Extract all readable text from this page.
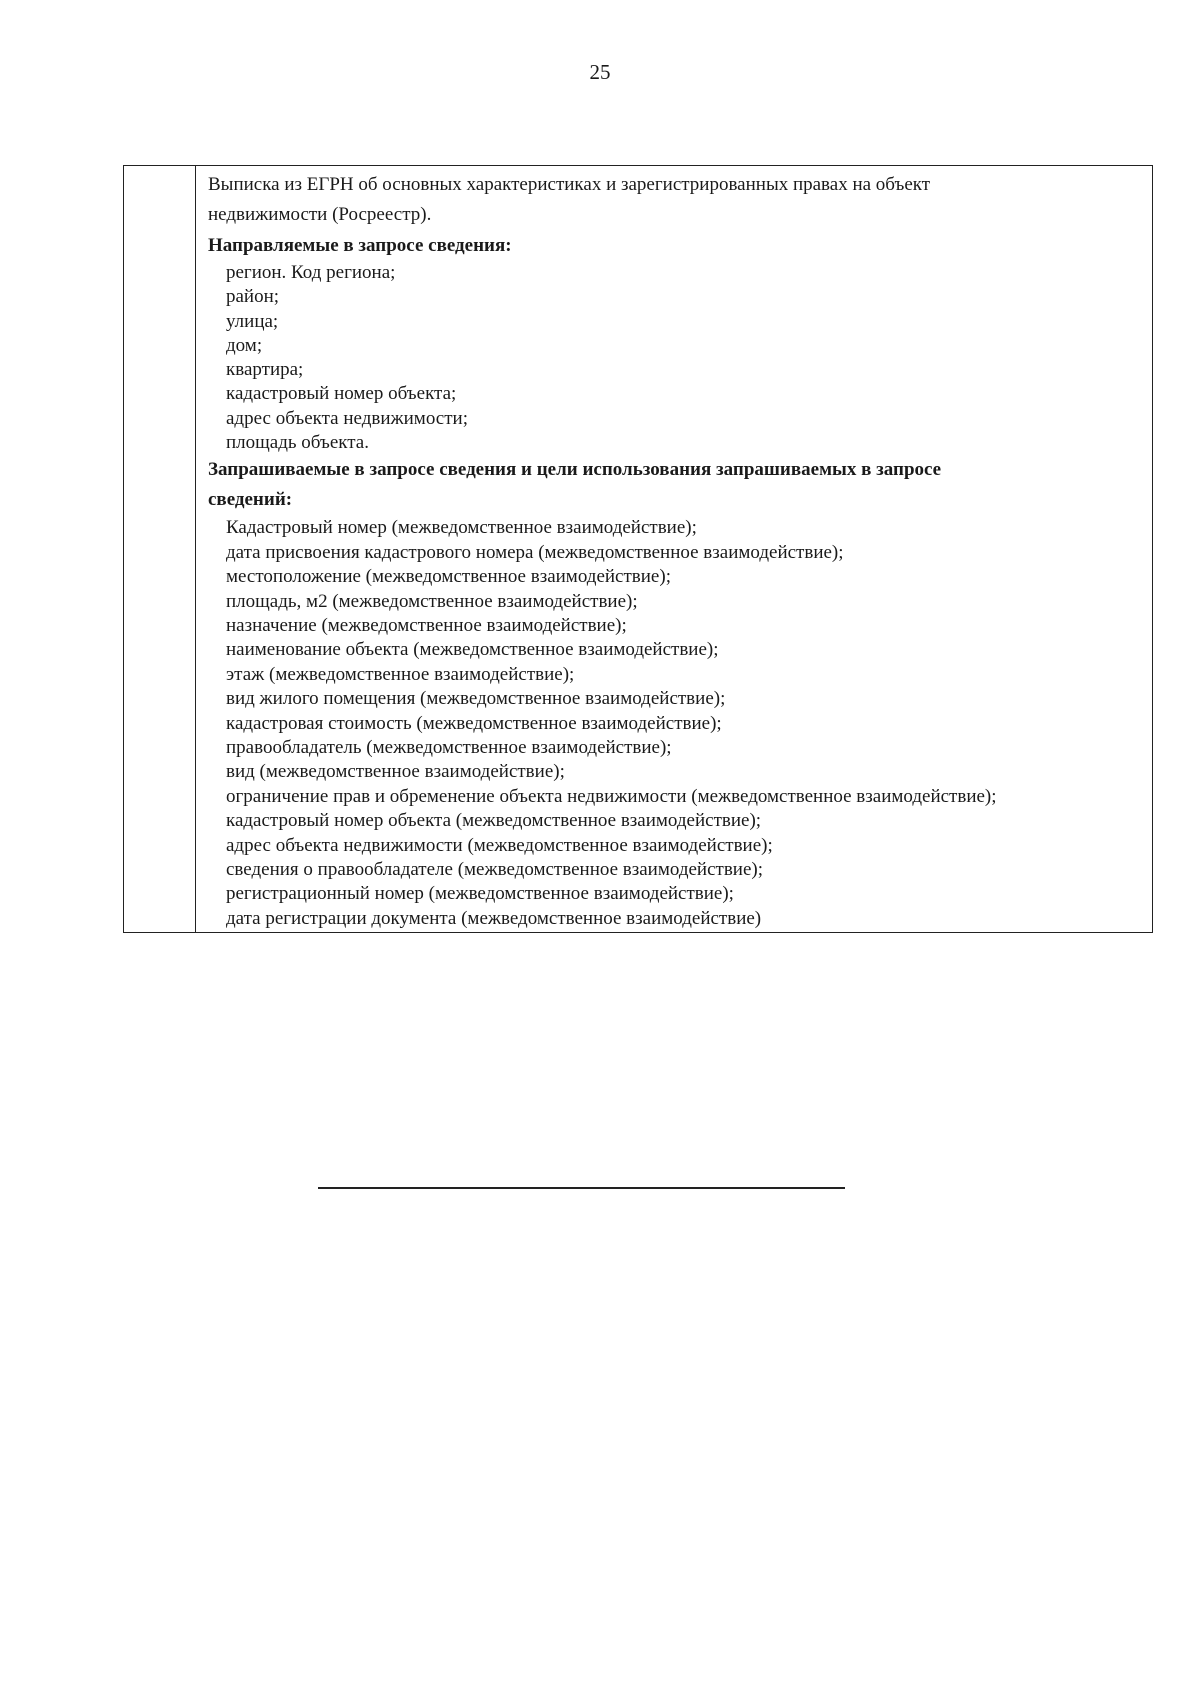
25
Выписка из ЕГРН об основных характеристиках и зарегистрированных правах на объект
недвижимости (Росреестр).
Направляемые в запросе сведения:
регион. Код региона;
район;
улица;
дом;
квартира;
кадастровый номер объекта;
адрес объекта недвижимости;
площадь объекта.
Запрашиваемые в запросе сведения и цели использования запрашиваемых в запросе
сведений:
Кадастровый номер (межведомственное взаимодействие);
дата присвоения кадастрового номера (межведомственное взаимодействие);
местоположение (межведомственное взаимодействие);
площадь, м2 (межведомственное взаимодействие);
назначение (межведомственное взаимодействие);
наименование объекта (межведомственное взаимодействие);
этаж (межведомственное взаимодействие);
вид жилого помещения (межведомственное взаимодействие);
кадастровая стоимость (межведомственное взаимодействие);
правообладатель (межведомственное взаимодействие);
вид (межведомственное взаимодействие);
ограничение прав и обременение объекта недвижимости (межведомственное взаимодействие);
кадастровый номер объекта (межведомственное взаимодействие);
адрес объекта недвижимости (межведомственное взаимодействие);
сведения о правообладателе (межведомственное взаимодействие);
регистрационный номер (межведомственное взаимодействие);
дата регистрации документа (межведомственное взаимодействие)
